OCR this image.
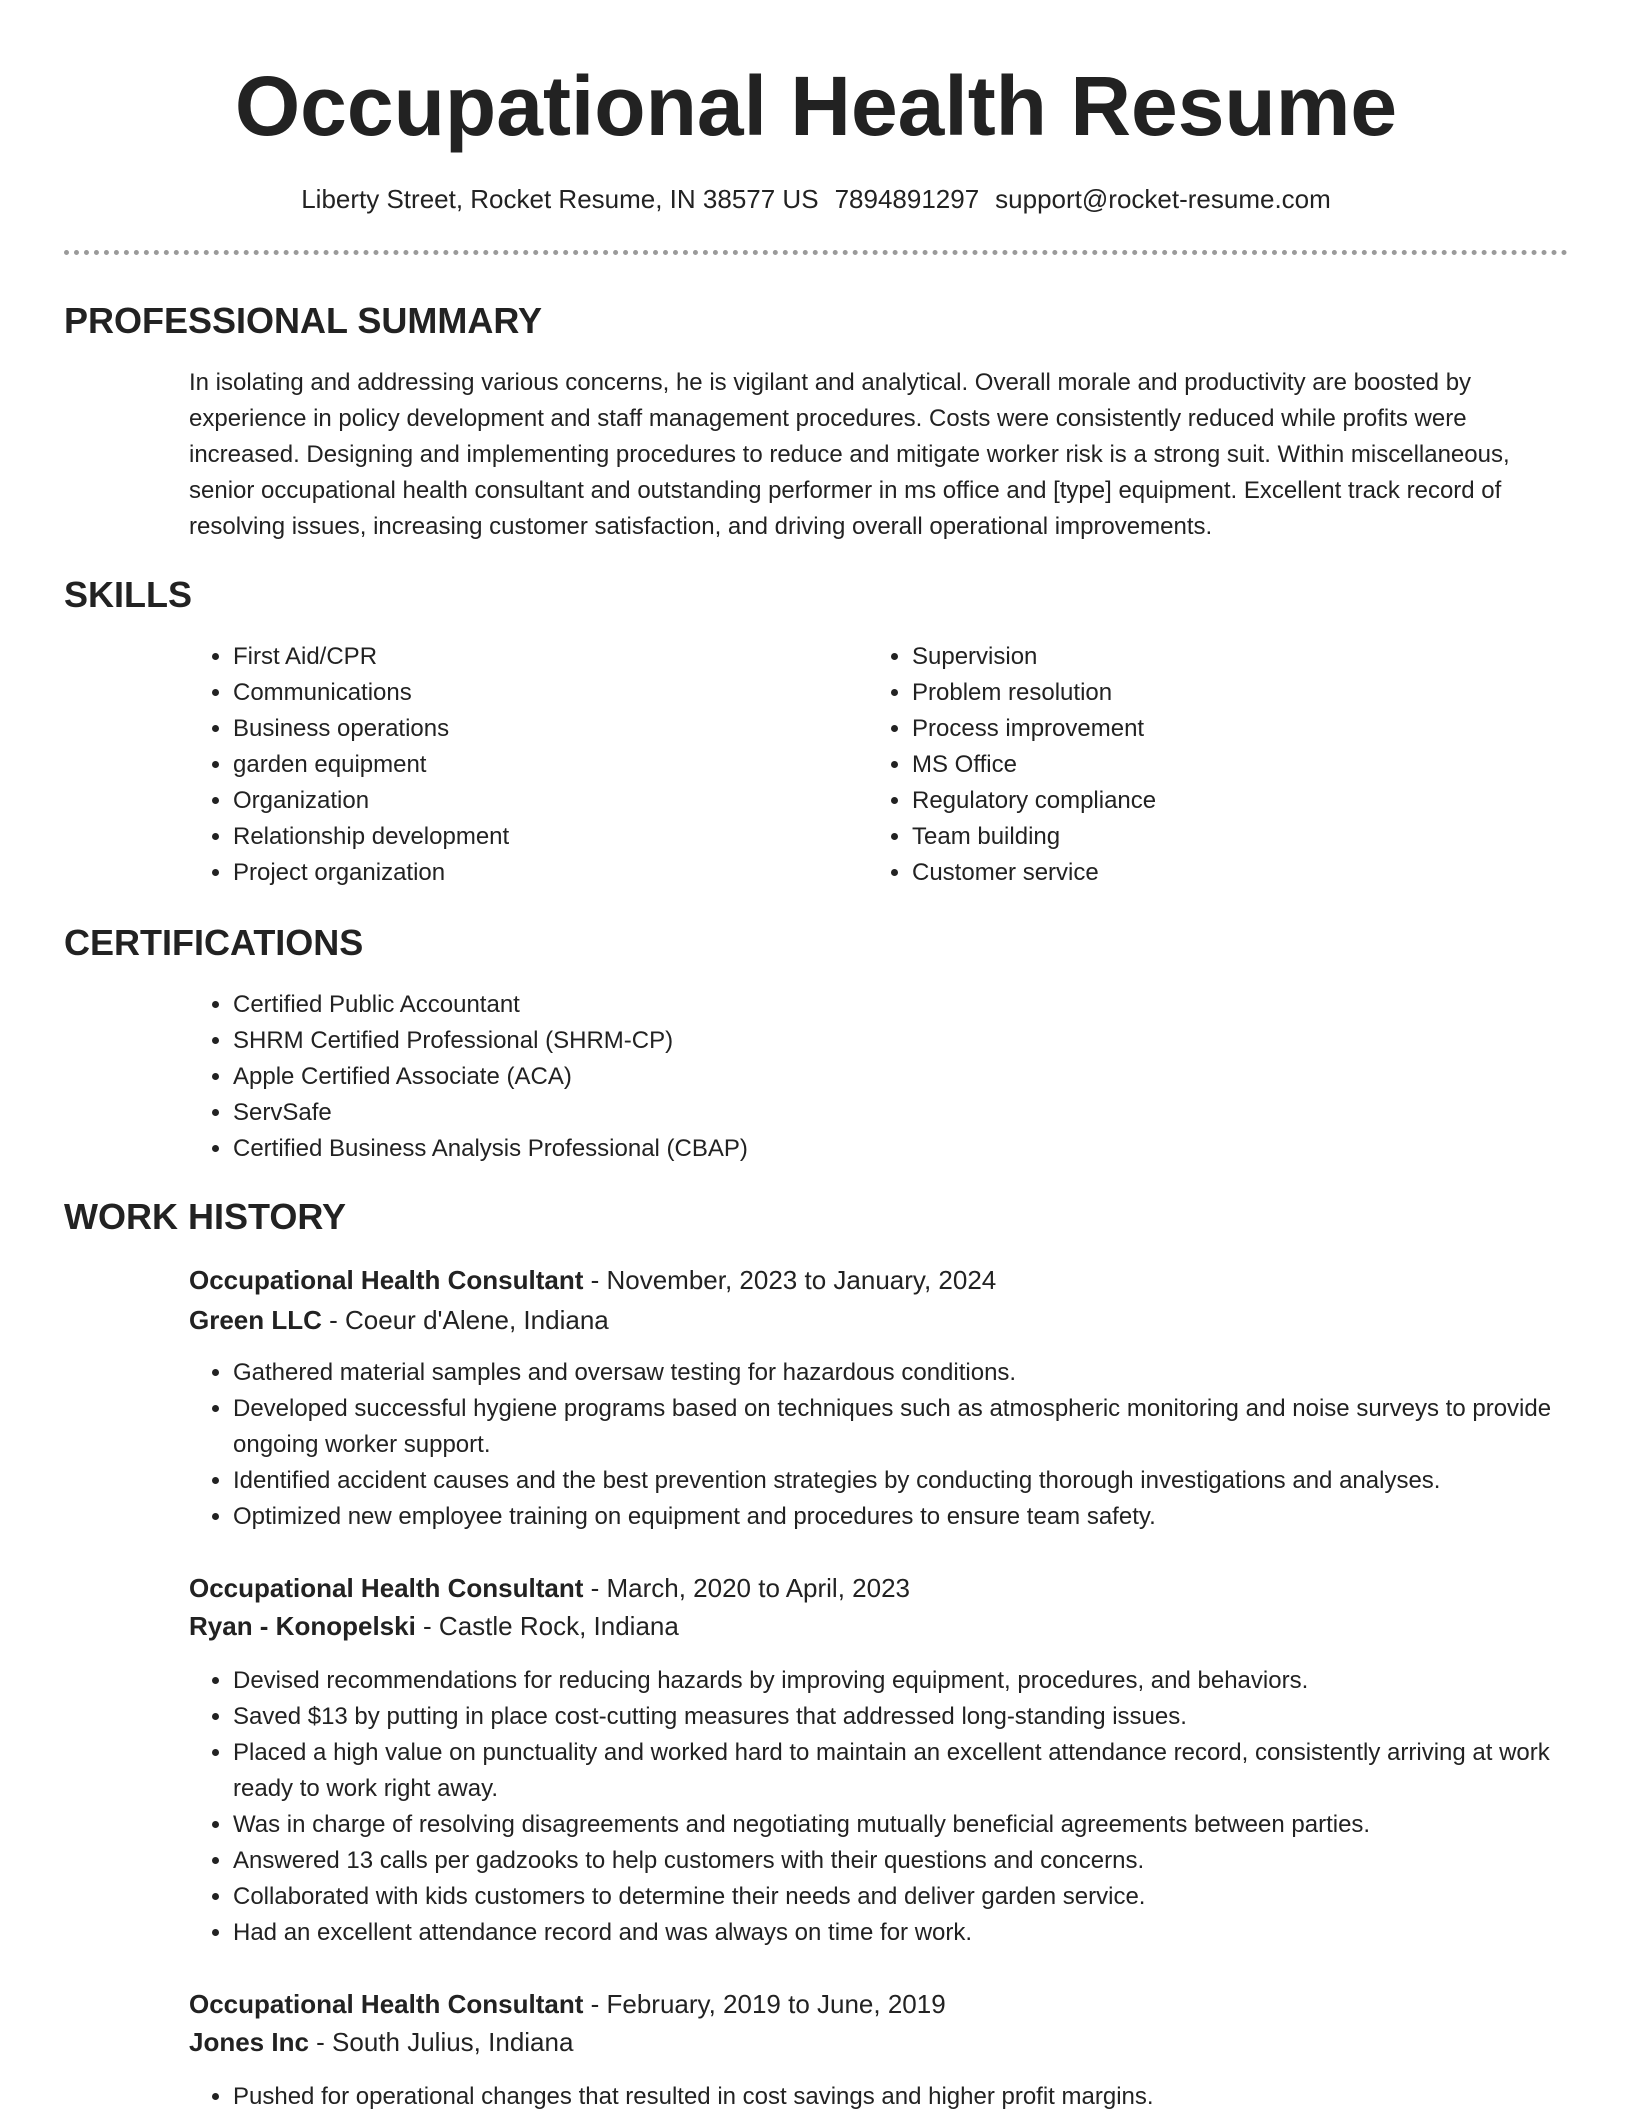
Occupational Health Resume
Liberty Street, Rocket Resume, IN 38577 US 7894891297 support@rocket-resume.com
PROFESSIONAL SUMMARY

In isolating and addressing various concerns, he is vigilant and analytical. Overall morale and productivity are boosted by experience in policy development and staff management procedures. Costs were consistently reduced while profits were increased. Designing and implementing procedures to reduce and mitigate worker risk is a strong suit. Within miscellaneous, senior occupational health consultant and outstanding performer in ms office and [type] equipment. Excellent track record of resolving issues, increasing customer satisfaction, and driving overall operational improvements.

SKILLS
• First Aid/CPR
• Communications
• Business operations
• garden equipment
• Organization
• Relationship development
• Project organization
• Supervision
• Problem resolution
• Process improvement
• MS Office
• Regulatory compliance
• Team building
• Customer service
CERTIFICATIONS
• Certified Public Accountant
• SHRM Certified Professional (SHRM-CP)
• Apple Certified Associate (ACA)
• ServSafe
• Certified Business Analysis Professional (CBAP)
WORK HISTORY
Occupational Health Consultant - November, 2023 to January, 2024
Green LLC - Coeur d'Alene, Indiana
• Gathered material samples and oversaw testing for hazardous conditions.
• Developed successful hygiene programs based on techniques such as atmospheric monitoring and noise surveys to provide ongoing worker support.
• Identified accident causes and the best prevention strategies by conducting thorough investigations and analyses.
• Optimized new employee training on equipment and procedures to ensure team safety.
Occupational Health Consultant - March, 2020 to April, 2023
Ryan - Konopelski - Castle Rock, Indiana
• Devised recommendations for reducing hazards by improving equipment, procedures, and behaviors.
• Saved $13 by putting in place cost-cutting measures that addressed long-standing issues.
• Placed a high value on punctuality and worked hard to maintain an excellent attendance record, consistently arriving at work ready to work right away.
• Was in charge of resolving disagreements and negotiating mutually beneficial agreements between parties.
• Answered 13 calls per gadzooks to help customers with their questions and concerns.
• Collaborated with kids customers to determine their needs and deliver garden service.
• Had an excellent attendance record and was always on time for work.
Occupational Health Consultant - February, 2019 to June, 2019
Jones Inc - South Julius, Indiana
• Pushed for operational changes that resulted in cost savings and higher profit margins.
